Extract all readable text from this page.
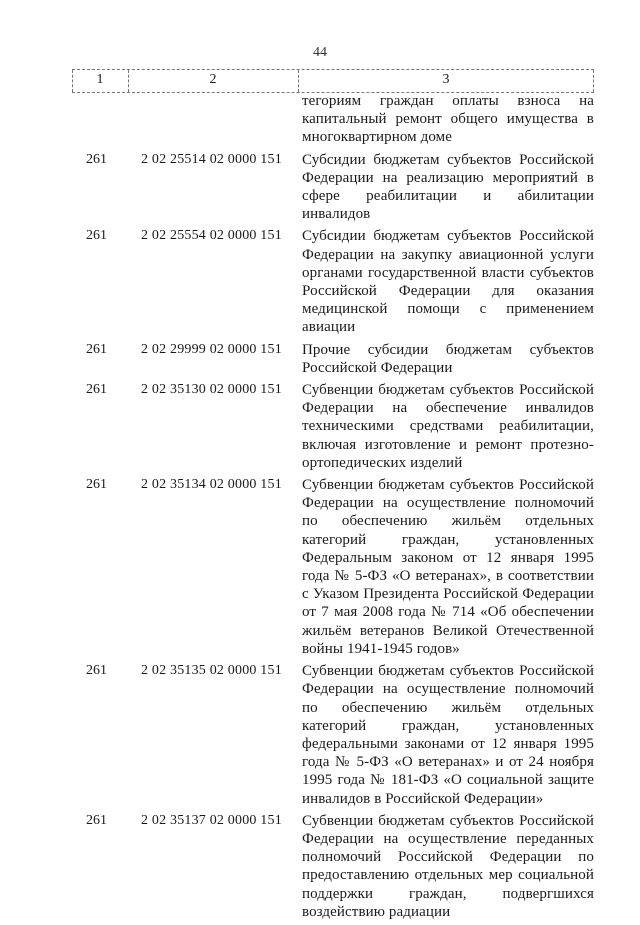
44
1	2	3
тегориям граждан оплаты взноса на капитальный ремонт общего имущества в многоквартирном доме
261	2 02 25514 02 0000 151	Субсидии бюджетам субъектов Российской Федерации на реализацию мероприятий в сфере реабилитации и абилитации инвалидов
261	2 02 25554 02 0000 151	Субсидии бюджетам субъектов Российской Федерации на закупку авиационной услуги органами государственной власти субъектов Российской Федерации для оказания медицинской помощи с применением авиации
261	2 02 29999 02 0000 151	Прочие субсидии бюджетам субъектов Российской Федерации
261	2 02 35130 02 0000 151	Субвенции бюджетам субъектов Российской Федерации на обеспечение инвалидов техническими средствами реабилитации, включая изготовление и ремонт протезно-ортопедических изделий
261	2 02 35134 02 0000 151	Субвенции бюджетам субъектов Российской Федерации на осуществление полномочий по обеспечению жильём отдельных категорий граждан, установленных Федеральным законом от 12 января 1995 года № 5-ФЗ «О ветеранах», в соответствии с Указом Президента Российской Федерации от 7 мая 2008 года № 714 «Об обеспечении жильём ветеранов Великой Отечественной войны 1941-1945 годов»
261	2 02 35135 02 0000 151	Субвенции бюджетам субъектов Российской Федерации на осуществление полномочий по обеспечению жильём отдельных категорий граждан, установленных федеральными законами от 12 января 1995 года № 5-ФЗ «О ветеранах» и от 24 ноября 1995 года № 181-ФЗ «О социальной защите инвалидов в Российской Федерации»
261	2 02 35137 02 0000 151	Субвенции бюджетам субъектов Российской Федерации на осуществление переданных полномочий Российской Федерации по предоставлению отдельных мер социальной поддержки граждан, подвергшихся воздействию радиации
